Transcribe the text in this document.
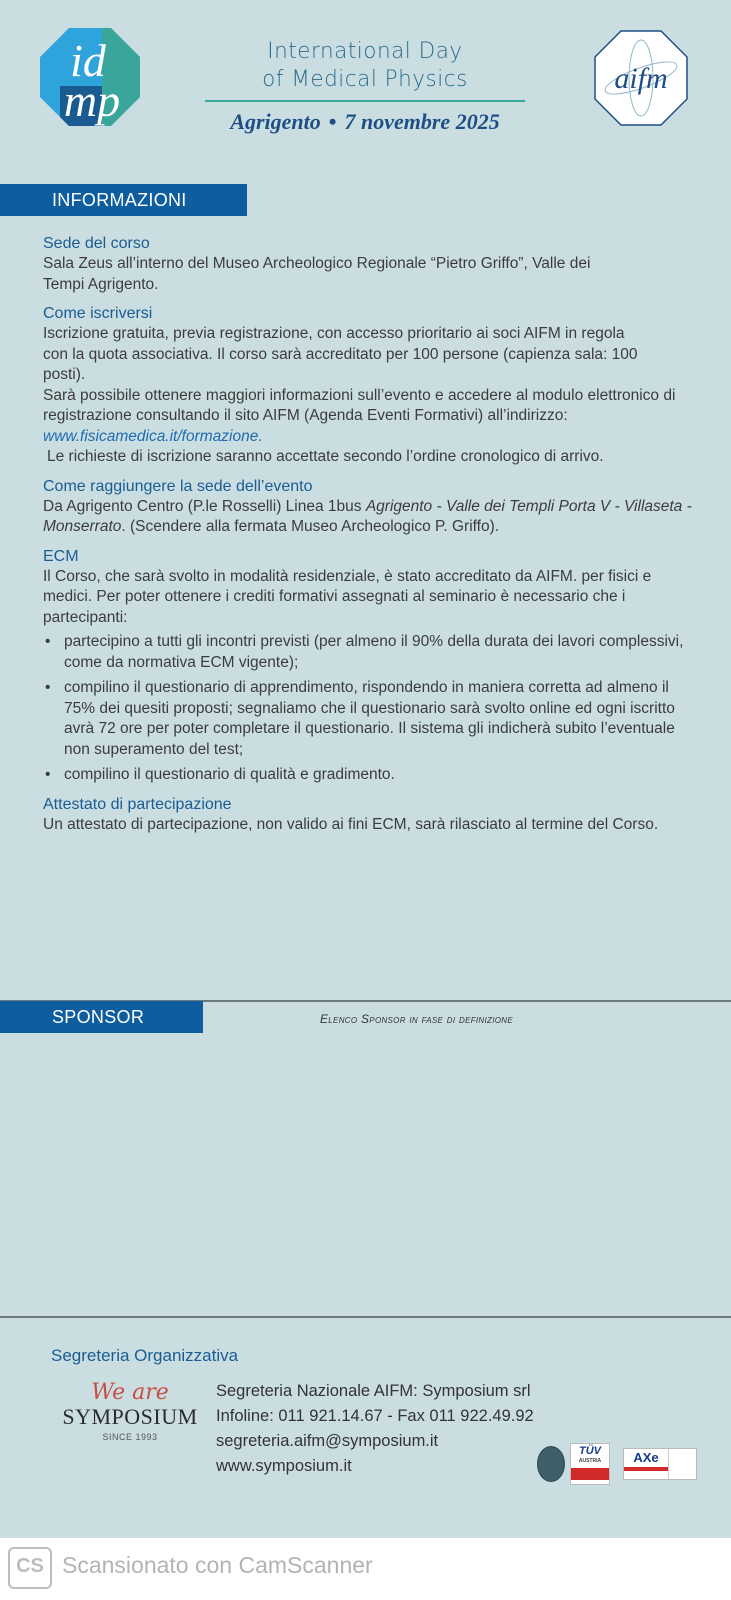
id
mp
International Day
of Medical Physics
Agrigento • 7 novembre 2025
aifm
INFORMAZIONI
Sede del corso
Sala Zeus all’interno del Museo Archeologico Regionale “Pietro Griffo”, Valle dei Tempi Agrigento.
Come iscriversi
Iscrizione gratuita, previa registrazione, con accesso prioritario ai soci AIFM in regola con la quota associativa. Il corso sarà accreditato per 100 persone (capienza sala: 100 posti).
Sarà possibile ottenere maggiori informazioni sull’evento e accedere al modulo elettronico di registrazione consultando il sito AIFM (Agenda Eventi Formativi) all’indirizzo: www.fisicamedica.it/formazione.
Le richieste di iscrizione saranno accettate secondo l’ordine cronologico di arrivo.
Come raggiungere la sede dell’evento
Da Agrigento Centro (P.le Rosselli) Linea 1bus Agrigento - Valle dei Templi Porta V - Villaseta - Monserrato. (Scendere alla fermata Museo Archeologico P. Griffo).
ECM
Il Corso, che sarà svolto in modalità residenziale, è stato accreditato da AIFM. per fisici e medici. Per poter ottenere i crediti formativi assegnati al seminario è necessario che i partecipanti:
• partecipino a tutti gli incontri previsti (per almeno il 90% della durata dei lavori complessivi, come da normativa ECM vigente);
• compilino il questionario di apprendimento, rispondendo in maniera corretta ad almeno il 75% dei quesiti proposti; segnaliamo che il questionario sarà svolto online ed ogni iscritto avrà 72 ore per poter completare il questionario. Il sistema gli indicherà subito l’eventuale non superamento del test;
• compilino il questionario di qualità e gradimento.
Attestato di partecipazione
Un attestato di partecipazione, non valido ai fini ECM, sarà rilasciato al termine del Corso.
SPONSOR	Elenco Sponsor in fase di definizione
Segreteria Organizzativa
We are
SYMPOSIUM
SINCE 1993
Segreteria Nazionale AIFM: Symposium srl
Infoline: 011 921.14.67 - Fax 011 922.49.92
segreteria.aifm@symposium.it
www.symposium.it
TÜV
AUSTRIA	AXe
CS Scansionato con CamScanner
